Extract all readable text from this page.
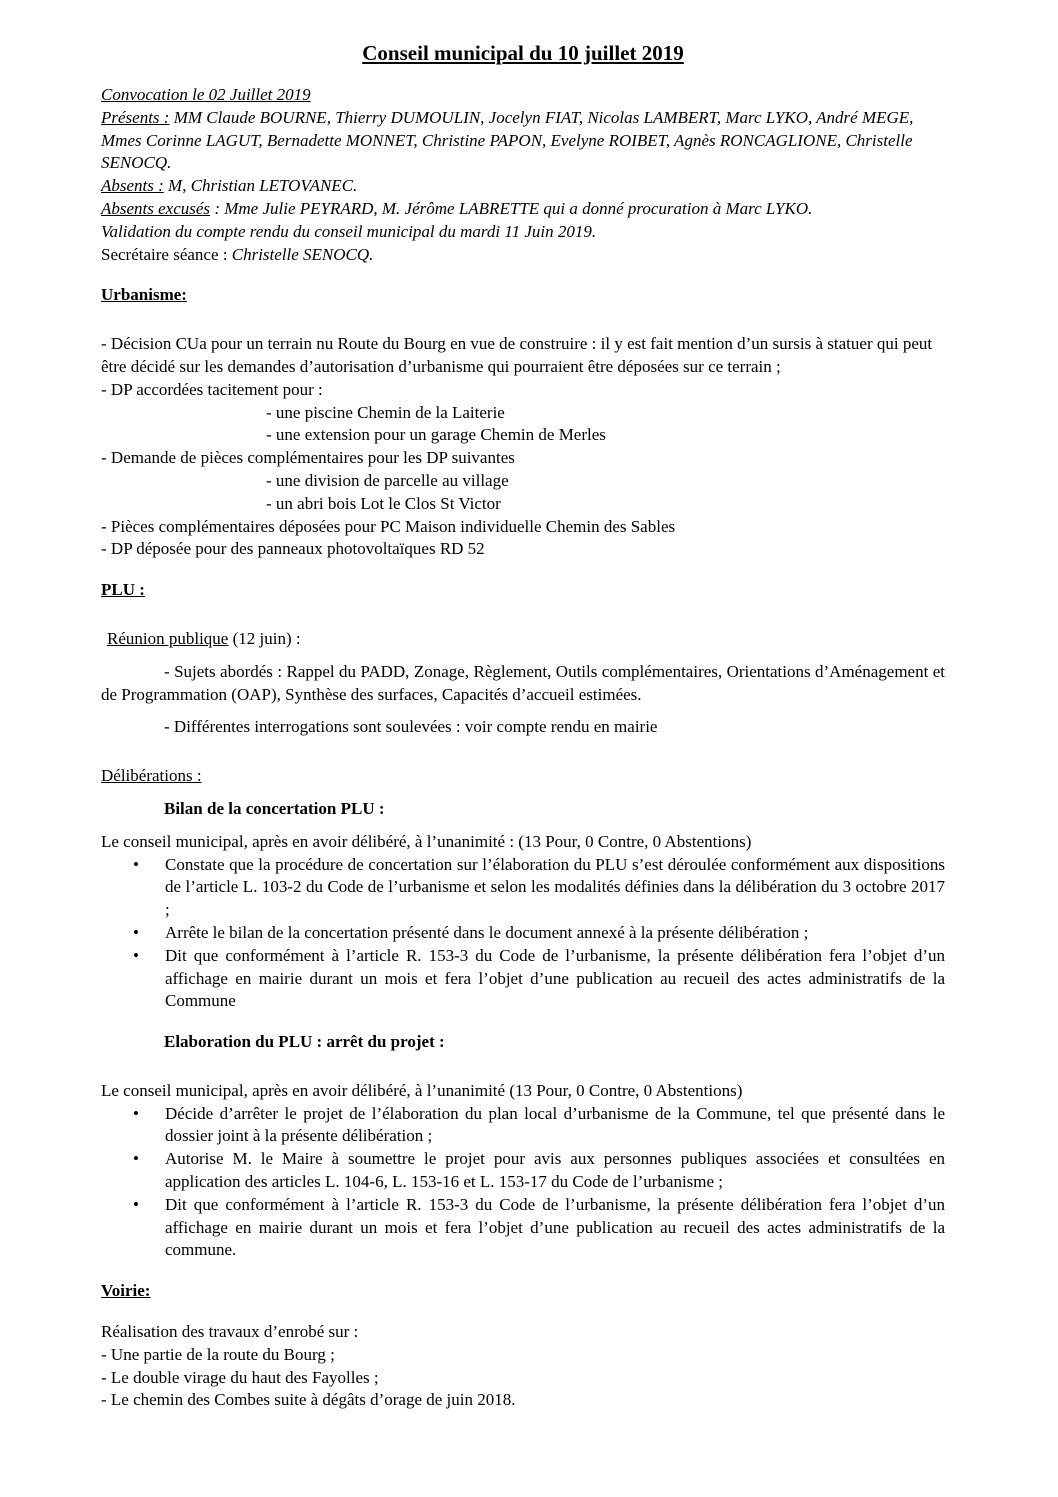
Conseil municipal du 10 juillet 2019

Convocation le 02 Juillet 2019

Présents : MM Claude BOURNE, Thierry DUMOULIN, Jocelyn FIAT, Nicolas LAMBERT, Marc LYKO, André MEGE, Mmes Corinne LAGUT, Bernadette MONNET, Christine PAPON, Evelyne ROIBET, Agnès RONCAGLIONE, Christelle SENOCQ.

Absents : M, Christian LETOVANEC.

Absents excusés : Mme Julie PEYRARD, M. Jérôme LABRETTE qui a donné procuration à Marc LYKO.

Validation du compte rendu du conseil municipal du mardi 11 Juin 2019.

Secrétaire séance : Christelle SENOCQ.

Urbanisme:

- Décision CUa pour un terrain nu Route du Bourg en vue de construire : il y est fait mention d’un sursis à statuer qui peut être décidé sur les demandes d’autorisation d’urbanisme qui pourraient être déposées sur ce terrain ;

- DP accordées tacitement pour :

- une piscine Chemin de la Laiterie

- une extension pour un garage Chemin de Merles

- Demande de pièces complémentaires pour les DP suivantes

- une division de parcelle au village

- un abri bois Lot le Clos St Victor

- Pièces complémentaires déposées pour PC Maison individuelle Chemin des Sables

- DP déposée pour des panneaux photovoltaïques RD 52

PLU :

Réunion publique (12 juin) :

- Sujets abordés : Rappel du PADD, Zonage, Règlement, Outils complémentaires, Orientations d’Aménagement et de Programmation (OAP), Synthèse des surfaces, Capacités d’accueil estimées.

- Différentes interrogations sont soulevées : voir compte rendu en mairie

Délibérations :

Bilan de la concertation PLU :

Le conseil municipal, après en avoir délibéré, à l’unanimité : (13 Pour, 0 Contre, 0 Abstentions)

• Constate que la procédure de concertation sur l’élaboration du PLU s’est déroulée conformément aux dispositions de l’article L. 103-2 du Code de l’urbanisme et selon les modalités définies dans la délibération du 3 octobre 2017 ;
• Arrête le bilan de la concertation présenté dans le document annexé à la présente délibération ;
• Dit que conformément à l’article R. 153-3 du Code de l’urbanisme, la présente délibération fera l’objet d’un affichage en mairie durant un mois et fera l’objet d’une publication au recueil des actes administratifs de la Commune

Elaboration du PLU : arrêt du projet :

Le conseil municipal, après en avoir délibéré, à l’unanimité (13 Pour, 0 Contre, 0 Abstentions)

• Décide d’arrêter le projet de l’élaboration du plan local d’urbanisme de la Commune, tel que présenté dans le dossier joint à la présente délibération ;
• Autorise M. le Maire à soumettre le projet pour avis aux personnes publiques associées et consultées en application des articles L. 104-6, L. 153-16 et L. 153-17 du Code de l’urbanisme ;
• Dit que conformément à l’article R. 153-3 du Code de l’urbanisme, la présente délibération fera l’objet d’un affichage en mairie durant un mois et fera l’objet d’une publication au recueil des actes administratifs de la commune.

Voirie:

Réalisation des travaux d’enrobé sur :

- Une partie de la route du Bourg ;

- Le double virage du haut des Fayolles ;

- Le chemin des Combes suite à dégâts d’orage de juin 2018.
